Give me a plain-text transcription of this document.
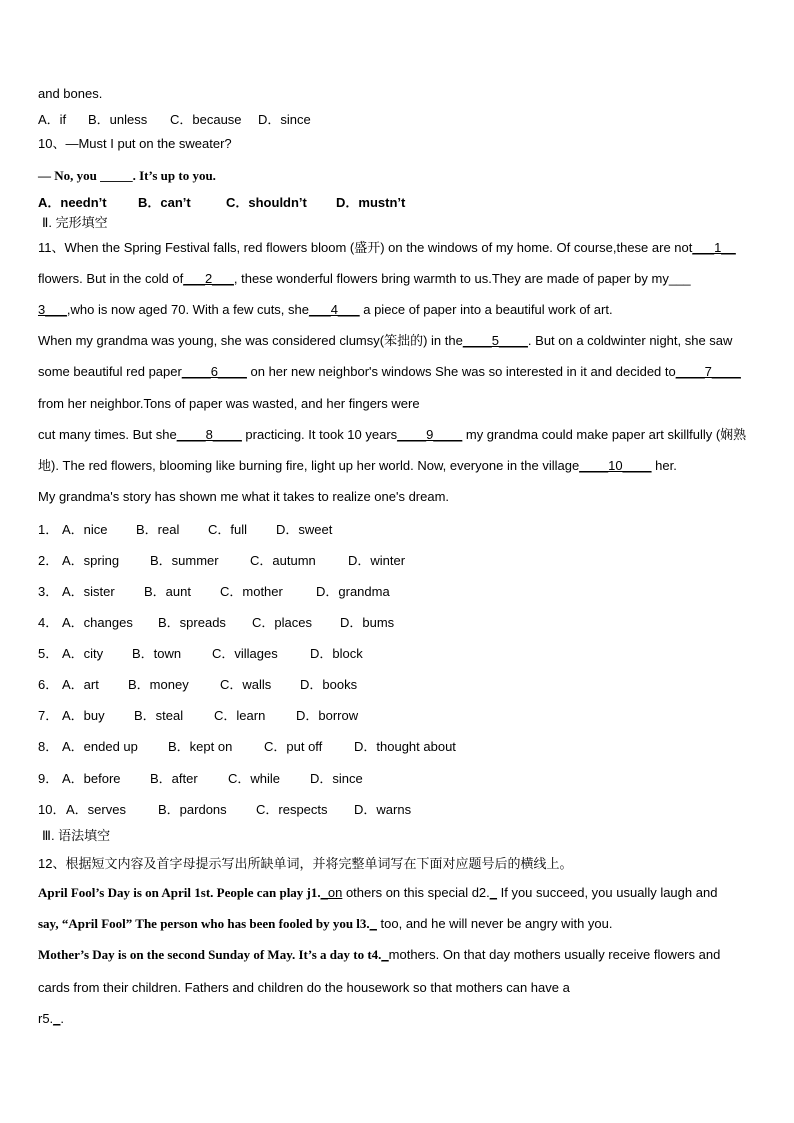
and bones.
A．if B．unless C．because D．since
10、—Must I put on the sweater?
— No, you _____. It’s up to you.
A．needn’t B．can’t	C．shouldn’t D．mustn’t
Ⅱ. 完形填空
11、When the Spring Festival falls, red flowers bloom (盛开) on the windows of my home. Of course,these are not___1__
flowers. But in the cold of___2___, these wonderful flowers bring warmth to us.They are made of paper by my___
3___,who is now aged 70. With a few cuts, she___4___ a piece of paper into a beautiful work of art.
When my grandma was young, she was considered clumsy(笨拙的) in the____5____. But on a coldwinter night, she saw
some beautiful red paper____6____ on her new neighbor's windows She was so interested in it and decided to____7____
from her neighbor.Tons of paper was wasted, and her fingers were
cut many times. But she____8____ practicing. It took 10 years____9____ my grandma could make paper art skillfully (娴熟
地). The red flowers, blooming like burning fire, light up her world. Now, everyone in the village____10____ her.
My grandma's story has shown me what it takes to realize one's dream.
1． A．nice B．real C．full D．sweet
2． A．spring B．summer C．autumn D．winter
3． A．sister B．aunt C．mother	D．grandma
4． A．changes B．spreads C．places D．bums
5． A．city B．town C．villages D．block
6． A．art B．money C．walls D．books
7． A．buy B．steal C．learn D．borrow
8． A．ended up B．kept on C．put off D．thought about
9． A．before B．after C．while D．since
10．A．serves B．pardons C．respects D．warns
Ⅲ. 语法填空
12、根据短文内容及首字母提示写出所缺单词，并将完整单词写在下面对应题号后的横线上。
April Fool’s Day is on April 1st. People can play j1._on others on this special d2._ If you succeed, you usually laugh and
say, “April Fool” The person who has been fooled by you l3._ too, and he will never be angry with you.
Mother’s Day is on the second Sunday of May. It’s a day to t4._mothers. On that day mothers usually receive flowers and
cards from their children. Fathers and children do the housework so that mothers can have a
r5._.
